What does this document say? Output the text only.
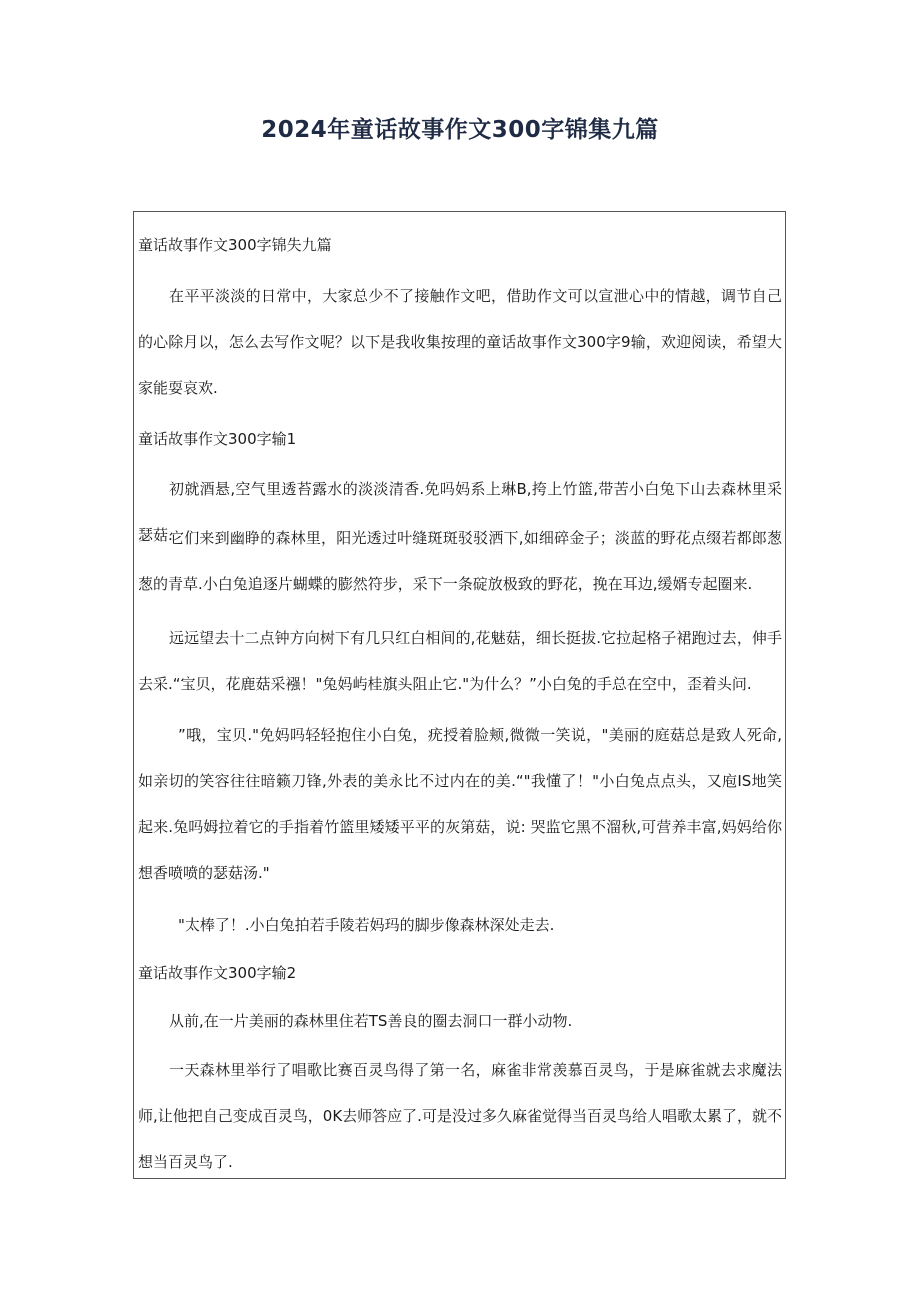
2024年童话故事作文300字锦集九篇

童话故事作文300字锦失九篇

在平平淡淡的日常中，大家总少不了接触作文吧，借助作文可以宣泄心中的情越，调节自己的心除月以，怎么去写作文呢？以下是我收集按理的童话故事作文300字9输，欢迎阅读，希望大家能耍哀欢.

童话故事作文300字输1

初就酒悬,空气里透苔露水的淡淡清香.免吗妈系上琳B,挎上竹篮,带苦小白兔下山去森林里采瑟菇.

它们来到幽睁的森林里，阳光透过叶缝斑斑驳驳洒下,如细碎金子；淡蓝的野花点缀若都郎葱葱的青草.小白兔追逐片蝴蝶的膨然符步，采下一条碇放极致的野花，挽在耳边,缓婿专起圈来.

远远望去十二点钟方向树下有几只红白相间的,花魅菇，细长挺拔.它拉起格子裙跑过去，伸手去采.“宝贝，花鹿菇采襁！"兔妈屿桂旗头阻止它."为什么？”小白兔的手总在空中，歪着头问.

”哦，宝贝."免妈吗轻轻抱住小白兔，疣授着脸颊,微微一笑说，"美丽的庭菇总是致人死命,如亲切的笑容往往暗籁刀锋,外表的美永比不过内在的美.“"我懂了！"小白兔点点头，又庖IS地笑起来.兔吗姆拉着它的手指着竹篮里矮矮平平的灰第菇，说: 哭监它黑不溜秋,可营养丰富,妈妈给你想香喷喷的瑟菇汤."

"太棒了！.小白兔拍若手陵若妈玛的脚步像森林深处走去.

童话故事作文300字输2

从前,在一片美丽的森林里住若TS善良的圈去洞口一群小动物.

一天森林里举行了唱歌比赛百灵鸟得了第一名，麻雀非常羡慕百灵鸟，于是麻雀就去求魔法师,让他把自己变成百灵鸟，0K去师答应了.可是没过多久麻雀觉得当百灵鸟给人唱歌太累了，就不想当百灵鸟了.
